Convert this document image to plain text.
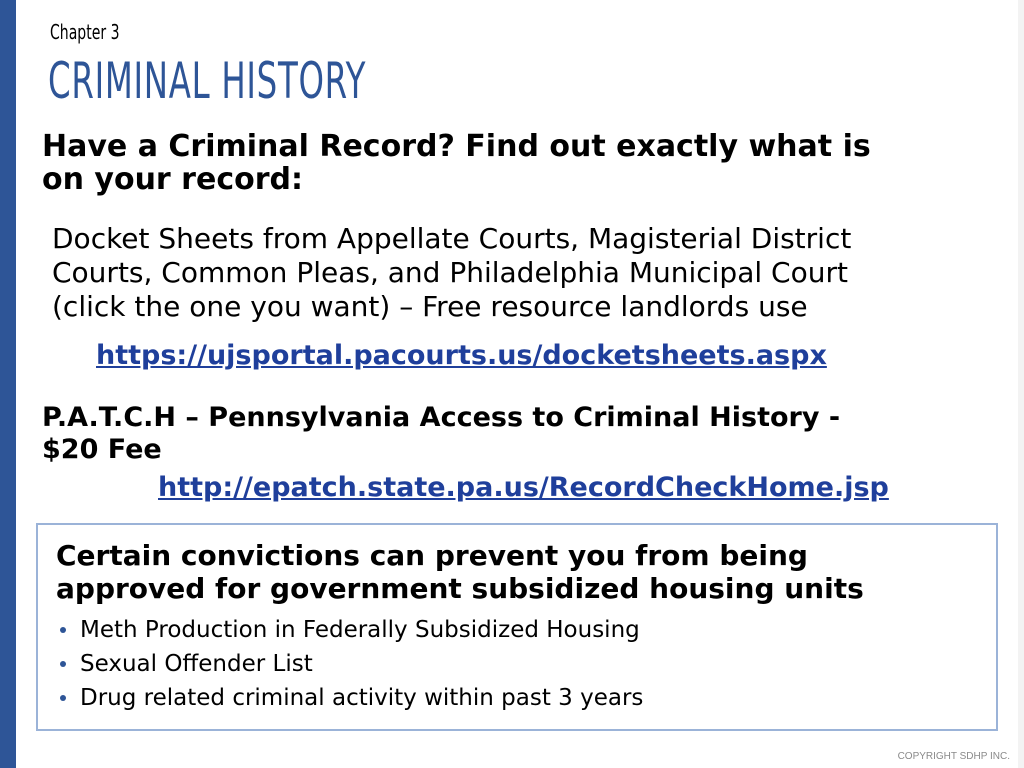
Chapter 3
CRIMINAL HISTORY
Have a Criminal Record? Find out exactly what is
on your record:
Docket Sheets from Appellate Courts, Magisterial District
Courts, Common Pleas, and Philadelphia Municipal Court
(click the one you want) – Free resource landlords use
https://ujsportal.pacourts.us/docketsheets.aspx
P.A.T.C.H – Pennsylvania Access to Criminal History -
$20 Fee
http://epatch.state.pa.us/RecordCheckHome.jsp
Certain convictions can prevent you from being
approved for government subsidized housing units
Meth Production in Federally Subsidized Housing
Sexual Offender List
Drug related criminal activity within past 3 years
COPYRIGHT SDHP INC.
